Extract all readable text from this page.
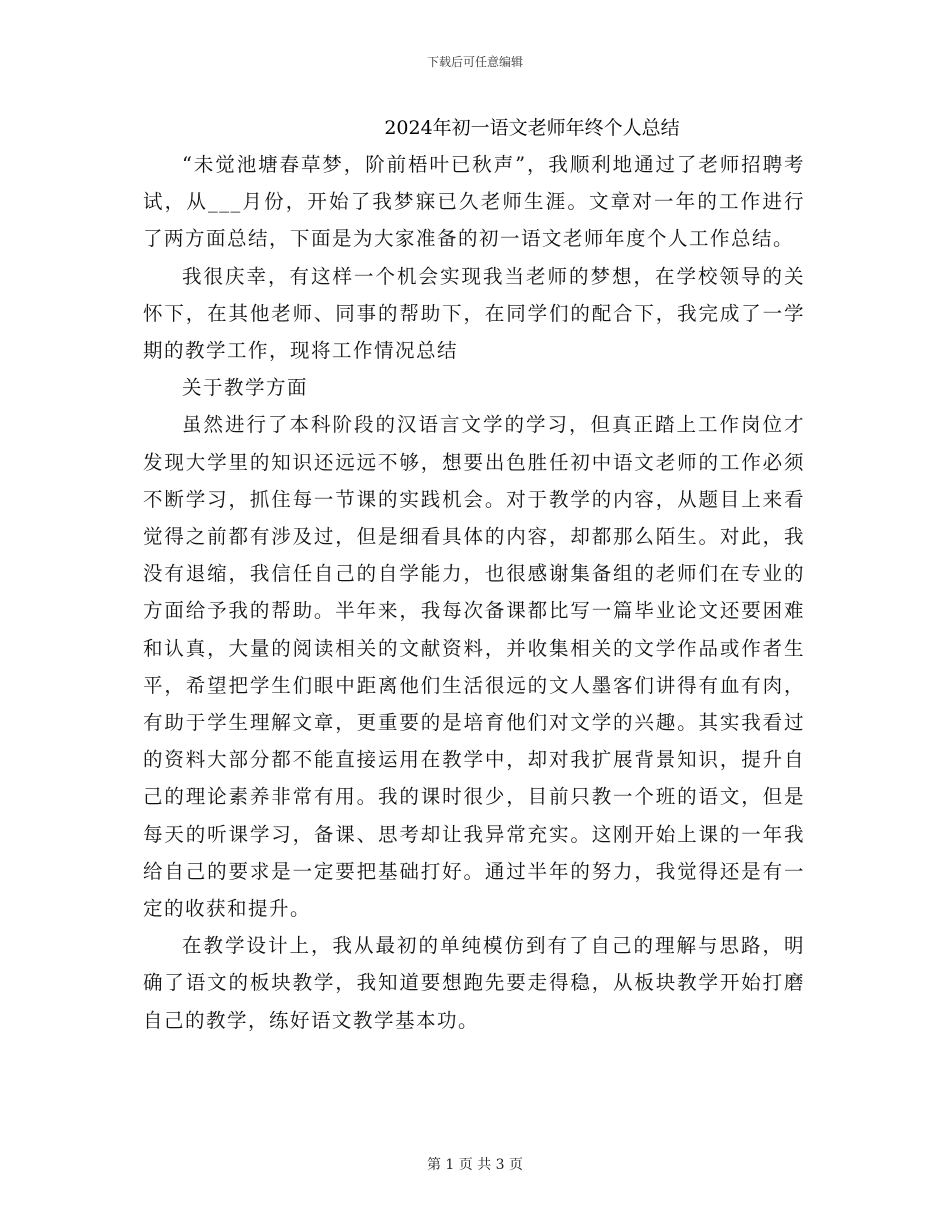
下载后可任意编辑
2024年初一语文老师年终个人总结

“未觉池塘春草梦，阶前梧叶已秋声”，我顺利地通过了老师招聘考试，从___月份，开始了我梦寐已久老师生涯。文章对一年的工作进行了两方面总结，下面是为大家准备的初一语文老师年度个人工作总结。

我很庆幸，有这样一个机会实现我当老师的梦想，在学校领导的关怀下，在其他老师、同事的帮助下，在同学们的配合下，我完成了一学期的教学工作，现将工作情况总结

关于教学方面

虽然进行了本科阶段的汉语言文学的学习，但真正踏上工作岗位才发现大学里的知识还远远不够，想要出色胜任初中语文老师的工作必须不断学习，抓住每一节课的实践机会。对于教学的内容，从题目上来看觉得之前都有涉及过，但是细看具体的内容，却都那么陌生。对此，我没有退缩，我信任自己的自学能力，也很感谢集备组的老师们在专业的方面给予我的帮助。半年来，我每次备课都比写一篇毕业论文还要困难和认真，大量的阅读相关的文献资料，并收集相关的文学作品或作者生平，希望把学生们眼中距离他们生活很远的文人墨客们讲得有血有肉，有助于学生理解文章，更重要的是培育他们对文学的兴趣。其实我看过的资料大部分都不能直接运用在教学中，却对我扩展背景知识，提升自己的理论素养非常有用。我的课时很少，目前只教一个班的语文，但是每天的听课学习，备课、思考却让我异常充实。这刚开始上课的一年我给自己的要求是一定要把基础打好。通过半年的努力，我觉得还是有一定的收获和提升。

在教学设计上，我从最初的单纯模仿到有了自己的理解与思路，明确了语文的板块教学，我知道要想跑先要走得稳，从板块教学开始打磨自己的教学，练好语文教学基本功。

第 1 页 共 3 页
